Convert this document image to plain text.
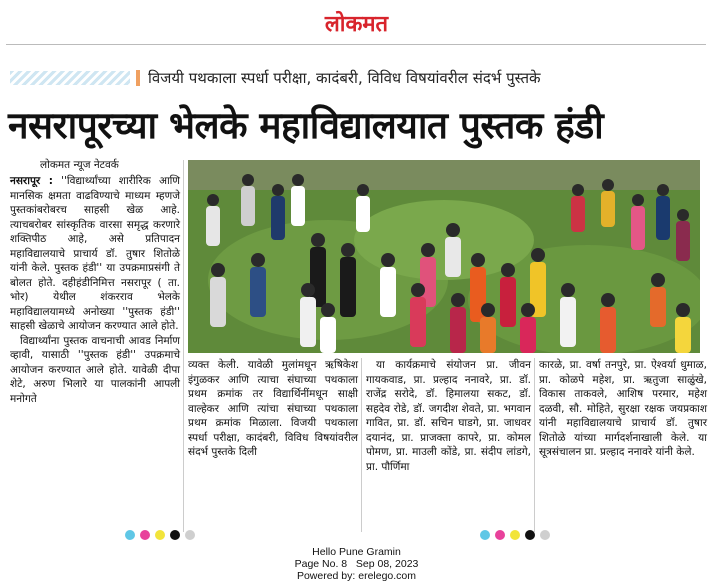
लोकमत
विजयी पथकाला स्पर्धा परीक्षा, कादंबरी, विविध विषयांवरील संदर्भ पुस्तके
नसरापूरच्या भेलके महाविद्यालयात पुस्तक हंडी
लोकमत न्यूज नेटवर्क

नसरापूर : ''विद्यार्थ्यांच्या शारीरिक आणि मानसिक क्षमता वाढविण्याचे माध्यम म्हणजे पुस्तकांबरोबरच साहसी खेळ आहे. त्याचबरोबर सांस्कृतिक वारसा समृद्ध करणारे शक्तिपीठ आहे, असे प्रतिपादन महाविद्यालयाचे प्राचार्य डॉ. तुषार शितोळे यांनी केले. पुस्तक हंडी'' या उपक्रमाप्रसंगी ते बोलत होते. दहीहंडीनिमित्त नसरापूर ( ता. भोर) येथील शंकरराव भेलके महाविद्यालयामध्ये अनोख्या ''पुस्तक हंडी'' साहसी खेळाचे आयोजन करण्यात आले होते.

विद्यार्थ्यांना पुस्तक वाचनाची आवड निर्माण व्हावी, यासाठी ''पुस्तक हंडी'' उपक्रमाचे आयोजन करण्यात आले होते. यावेळी दीपा शेटे, अरुण भिलारे या पालकांनी आपली मनोगते

व्यक्त केली. यावेळी मुलांमधून ऋषिकेश इंगुळकर आणि त्याचा संघाच्या पथकाला प्रथम क्रमांक तर विद्यार्थिनींमधून साक्षी वाल्हेकर आणि त्यांचा संघाच्या पथकाला प्रथम क्रमांक मिळाला. विजयी पथकाला स्पर्धा परीक्षा, कादंबरी, विविध विषयांवरील संदर्भ पुस्तके दिली

या कार्यक्रमाचे संयोजन प्रा. जीवन गायकवाड, प्रा. प्रल्हाद ननावरे, प्रा. डॉ. राजेंद्र सरोदे, डॉ. हिमालया सकट, डॉ. सहदेव रोडे, डॉ. जगदीश शेवते, प्रा. भगवान गावित, प्रा. डॉ. सचिन घाडगे, प्रा. जाधवर दयानंद, प्रा. प्राजक्ता कापरे, प्रा. कोमल पोमण, प्रा. माउली कोंडे, प्रा. संदीप लांडगे, प्रा. पौर्णिमा

कारळे, प्रा. वर्षा तनपुरे, प्रा. ऐश्वर्या धुमाळ, प्रा. कोळपे महेश, प्रा. ऋतुजा साळुंखे, विकास ताकवले, आशिष परमार, महेश दळवी, सौ. मोहिते, सुरक्षा रक्षक जयप्रकाश यांनी महाविद्यालयाचे प्राचार्य डॉ. तुषार शितोळे यांच्या मार्गदर्शनाखाली केले. या सूत्रसंचालन प्रा. प्रल्हाद ननावरे यांनी केले.

Hello Pune Gramin
Page No. 8   Sep 08, 2023
Powered by: erelego.com
